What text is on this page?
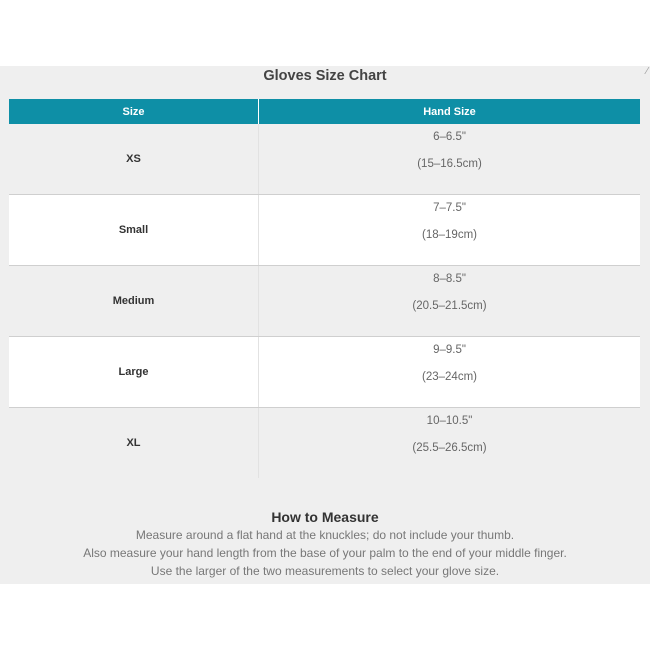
⁄
Gloves Size Chart
Size	Hand Size
XS
6–6.5"
(15–16.5cm)
Small
7–7.5"
(18–19cm)
Medium
8–8.5"
(20.5–21.5cm)
Large
9–9.5"
(23–24cm)
XL
10–10.5"
(25.5–26.5cm)
How to Measure
Measure around a flat hand at the knuckles; do not include your thumb.
Also measure your hand length from the base of your palm to the end of your middle finger.
Use the larger of the two measurements to select your glove size.
